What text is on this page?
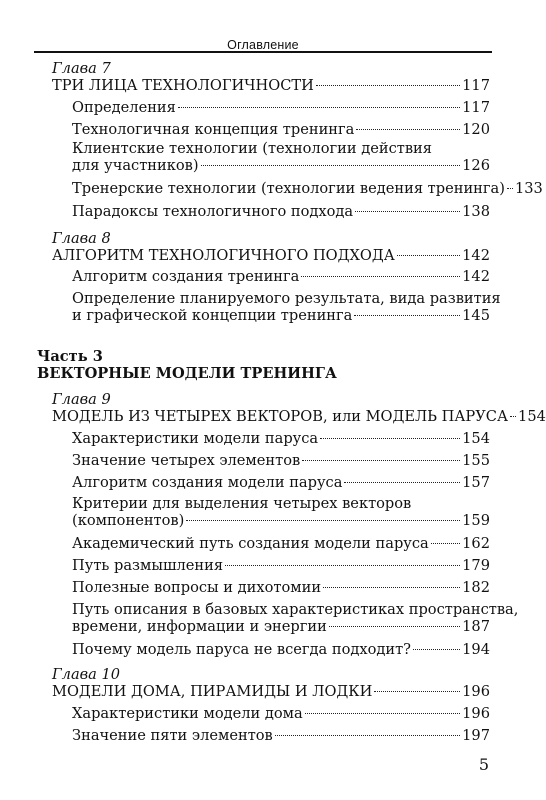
Оглавление
Глава 7
ТРИ ЛИЦА ТЕХНОЛОГИЧНОСТИ	117
Определения	117
Технологичная концепция тренинга	120
Клиентские технологии (технологии действия
для участников)	126
Тренерские технологии (технологии ведения тренинга) 133
Парадоксы технологичного подхода	138
Глава 8
АЛГОРИТМ ТЕХНОЛОГИЧНОГО ПОДХОДА	142
Алгоритм создания тренинга	142
Определение планируемого результата, вида развития
и графической концепции тренинга	145
Часть 3
ВЕКТОРНЫЕ МОДЕЛИ ТРЕНИНГА
Глава 9
МОДЕЛЬ ИЗ ЧЕТЫРЕХ ВЕКТОРОВ, или МОДЕЛЬ ПАРУСА 154
Характеристики модели паруса	154
Значение четырех элементов	155
Алгоритм создания модели паруса	157
Критерии для выделения четырех векторов
(компонентов)	159
Академический путь создания модели паруса 162
Путь размышления	179
Полезные вопросы и дихотомии	182
Путь описания в базовых характеристиках пространства,
времени, информации и энергии	187
Почему модель паруса не всегда подходит?	194
Глава 10
МОДЕЛИ ДОМА, ПИРАМИДЫ И ЛОДКИ	196
Характеристики модели дома	196
Значение пяти элементов	197
5
